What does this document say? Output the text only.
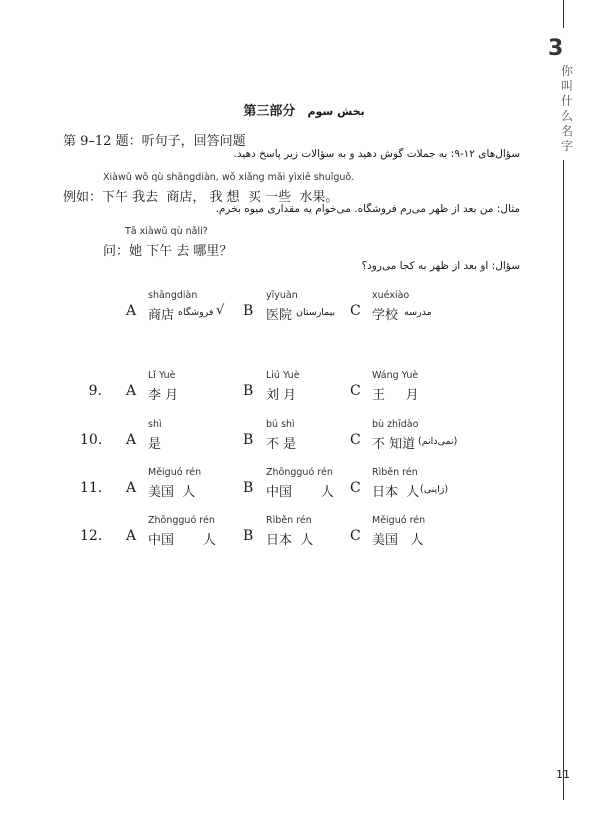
3
你
叫
什
么
名
字
第三部分 بخش سوم
第 9–12 题：听句子，回答问题
سؤال‌های ۱۲-۹: به جملات گوش دهید و به سؤالات زیر پاسخ دهید.
Xiàwǔ wǒ qù shāngdiàn, wǒ xiǎng mǎi yìxiē shuǐguǒ.
例如：下午 我去  商店， 我 想  买 一些  水果。
مثال: من بعد از ظهر می‌رم فروشگاه. می‌خوام یه مقداری میوه بخرم.
Tā xiàwǔ qù nǎli?
问：她 下午 去 哪里？
سؤال: او بعد از ظهر به کجا می‌رود؟
shāngdiàn
A 商店 فروشگاه √
yīyuàn
B 医院 بیمارستان
xuéxiào
C 学校 مدرسه
9.
Lǐ Yuè
A 李 月
Liú Yuè
B 刘 月
Wáng Yuè
C 王     月
10.
shì
A 是
bú shì
B 不 是
bù zhīdào
C 不 知道 (نمی‌دانم)
11.
Měiguó rén
A 美国  人
Zhōngguó rén
B 中国       人
Rìběn rén
C 日本  人 (ژاپنی)
12.
Zhōngguó rén
A 中国       人
Rìběn rén
B 日本  人
Měiguó rén
C 美国   人
11
